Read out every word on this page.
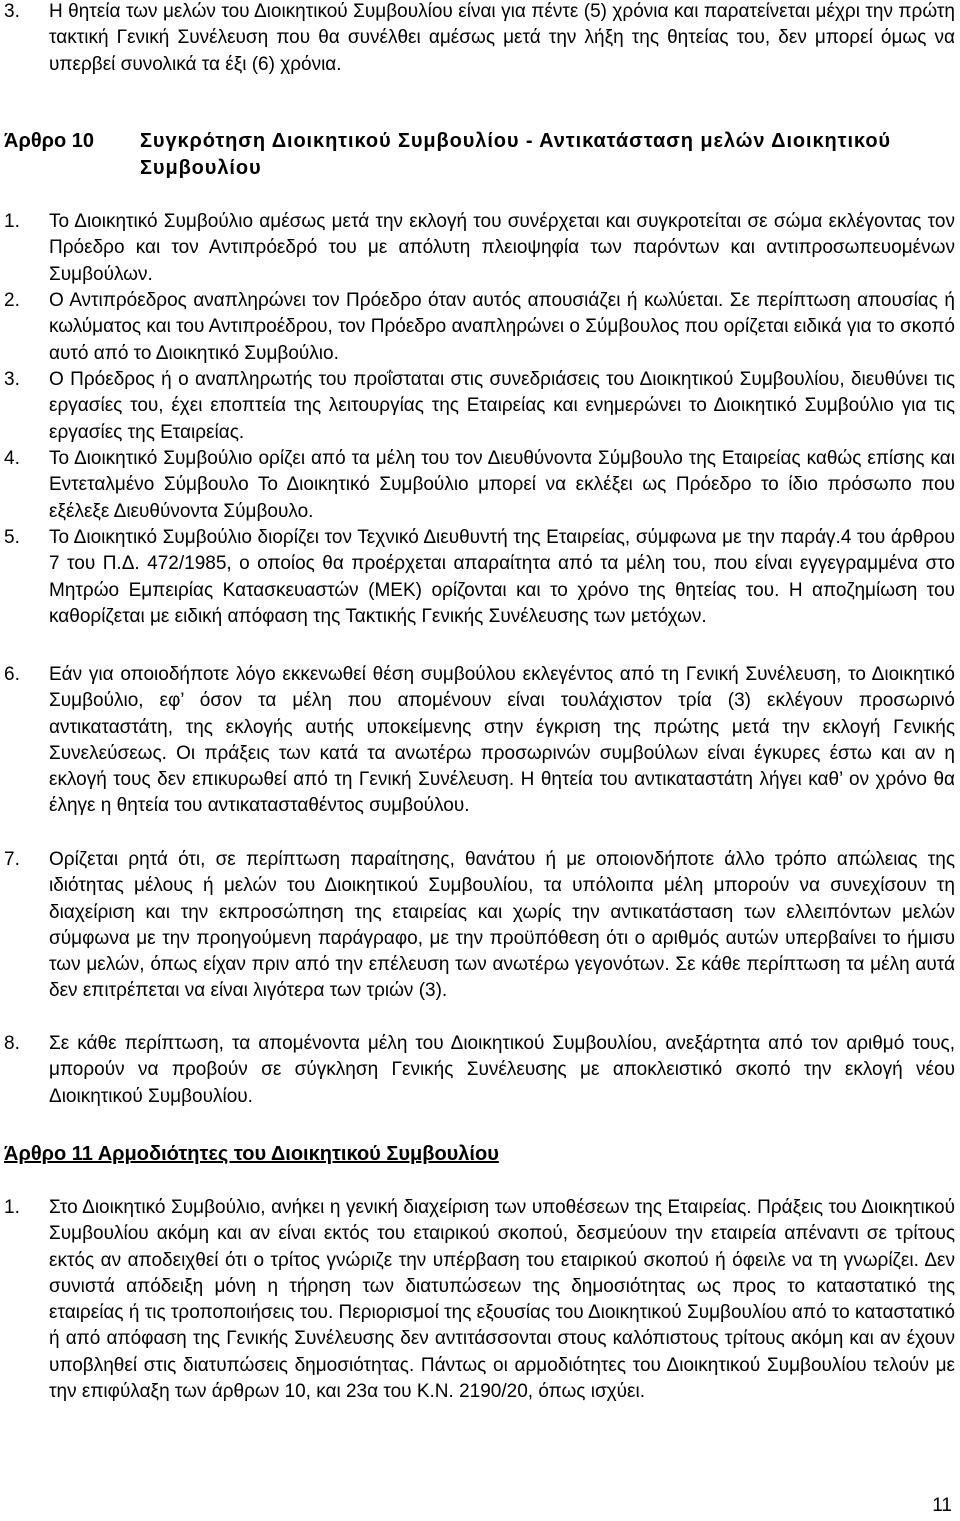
3. Η θητεία των μελών του Διοικητικού Συμβουλίου είναι για πέντε (5) χρόνια και παρατείνεται μέχρι την πρώτη τακτική Γενική Συνέλευση που θα συνέλθει αμέσως μετά την λήξη της θητείας του, δεν μπορεί όμως να υπερβεί συνολικά τα έξι (6) χρόνια.
Άρθρο 10 Συγκρότηση Διοικητικού Συμβουλίου - Αντικατάσταση μελών Διοικητικού Συμβουλίου
1. Το Διοικητικό Συμβούλιο αμέσως μετά την εκλογή του συνέρχεται και συγκροτείται σε σώμα εκλέγοντας τον Πρόεδρο και τον Αντιπρόεδρό του με απόλυτη πλειοψηφία των παρόντων και αντιπροσωπευομένων Συμβούλων.
2. Ο Αντιπρόεδρος αναπληρώνει τον Πρόεδρο όταν αυτός απουσιάζει ή κωλύεται. Σε περίπτωση απουσίας ή κωλύματος και του Αντιπροέδρου, τον Πρόεδρο αναπληρώνει ο Σύμβουλος που ορίζεται ειδικά για το σκοπό αυτό από το Διοικητικό Συμβούλιο.
3. Ο Πρόεδρος ή ο αναπληρωτής του προΐσταται στις συνεδριάσεις του Διοικητικού Συμβουλίου, διευθύνει τις εργασίες του, έχει εποπτεία της λειτουργίας της Εταιρείας και ενημερώνει το Διοικητικό Συμβούλιο για τις εργασίες της Εταιρείας.
4. Το Διοικητικό Συμβούλιο ορίζει από τα μέλη του τον Διευθύνοντα Σύμβουλο της Εταιρείας καθώς επίσης και Εντεταλμένο Σύμβουλο Το Διοικητικό Συμβούλιο μπορεί να εκλέξει ως Πρόεδρο το ίδιο πρόσωπο που εξέλεξε Διευθύνοντα Σύμβουλο.
5. Το Διοικητικό Συμβούλιο διορίζει τον Τεχνικό Διευθυντή της Εταιρείας, σύμφωνα με την παράγ.4 του άρθρου 7 του Π.Δ. 472/1985, ο οποίος θα προέρχεται απαραίτητα από τα μέλη του, που είναι εγγεγραμμένα στο Μητρώο Εμπειρίας Κατασκευαστών (ΜΕΚ) ορίζονται και το χρόνο της θητείας του. Η αποζημίωση του καθορίζεται με ειδική απόφαση της Τακτικής Γενικής Συνέλευσης των μετόχων.
6. Εάν για οποιοδήποτε λόγο εκκενωθεί θέση συμβούλου εκλεγέντος από τη Γενική Συνέλευση, το Διοικητικό Συμβούλιο, εφ’ όσον τα μέλη που απομένουν είναι τουλάχιστον τρία (3) εκλέγουν προσωρινό αντικαταστάτη, της εκλογής αυτής υποκείμενης στην έγκριση της πρώτης μετά την εκλογή Γενικής Συνελεύσεως. Οι πράξεις των κατά τα ανωτέρω προσωρινών συμβούλων είναι έγκυρες έστω και αν η εκλογή τους δεν επικυρωθεί από τη Γενική Συνέλευση. Η θητεία του αντικαταστάτη λήγει καθ’ ον χρόνο θα έληγε η θητεία του αντικατασταθέντος συμβούλου.
7. Ορίζεται ρητά ότι, σε περίπτωση παραίτησης, θανάτου ή με οποιονδήποτε άλλο τρόπο απώλειας της ιδιότητας μέλους ή μελών του Διοικητικού Συμβουλίου, τα υπόλοιπα μέλη μπορούν να συνεχίσουν τη διαχείριση και την εκπροσώπηση της εταιρείας και χωρίς την αντικατάσταση των ελλειπόντων μελών σύμφωνα με την προηγούμενη παράγραφο, με την προϋπόθεση ότι ο αριθμός αυτών υπερβαίνει το ήμισυ των μελών, όπως είχαν πριν από την επέλευση των ανωτέρω γεγονότων. Σε κάθε περίπτωση τα μέλη αυτά δεν επιτρέπεται να είναι λιγότερα των τριών (3).
8. Σε κάθε περίπτωση, τα απομένοντα μέλη του Διοικητικού Συμβουλίου, ανεξάρτητα από τον αριθμό τους, μπορούν να προβούν σε σύγκληση Γενικής Συνέλευσης με αποκλειστικό σκοπό την εκλογή νέου Διοικητικού Συμβουλίου.
Άρθρο 11 Αρμοδιότητες του Διοικητικού Συμβουλίου
1. Στο Διοικητικό Συμβούλιο, ανήκει η γενική διαχείριση των υποθέσεων της Εταιρείας. Πράξεις του Διοικητικού Συμβουλίου ακόμη και αν είναι εκτός του εταιρικού σκοπού, δεσμεύουν την εταιρεία απέναντι σε τρίτους εκτός αν αποδειχθεί ότι ο τρίτος γνώριζε την υπέρβαση του εταιρικού σκοπού ή όφειλε να τη γνωρίζει. Δεν συνιστά απόδειξη μόνη η τήρηση των διατυπώσεων της δημοσιότητας ως προς το καταστατικό της εταιρείας ή τις τροποποιήσεις του. Περιορισμοί της εξουσίας του Διοικητικού Συμβουλίου από το καταστατικό ή από απόφαση της Γενικής Συνέλευσης δεν αντιτάσσονται στους καλόπιστους τρίτους ακόμη και αν έχουν υποβληθεί στις διατυπώσεις δημοσιότητας. Πάντως οι αρμοδιότητες του Διοικητικού Συμβουλίου τελούν με την επιφύλαξη των άρθρων 10, και 23α του Κ.Ν. 2190/20, όπως ισχύει.
11
